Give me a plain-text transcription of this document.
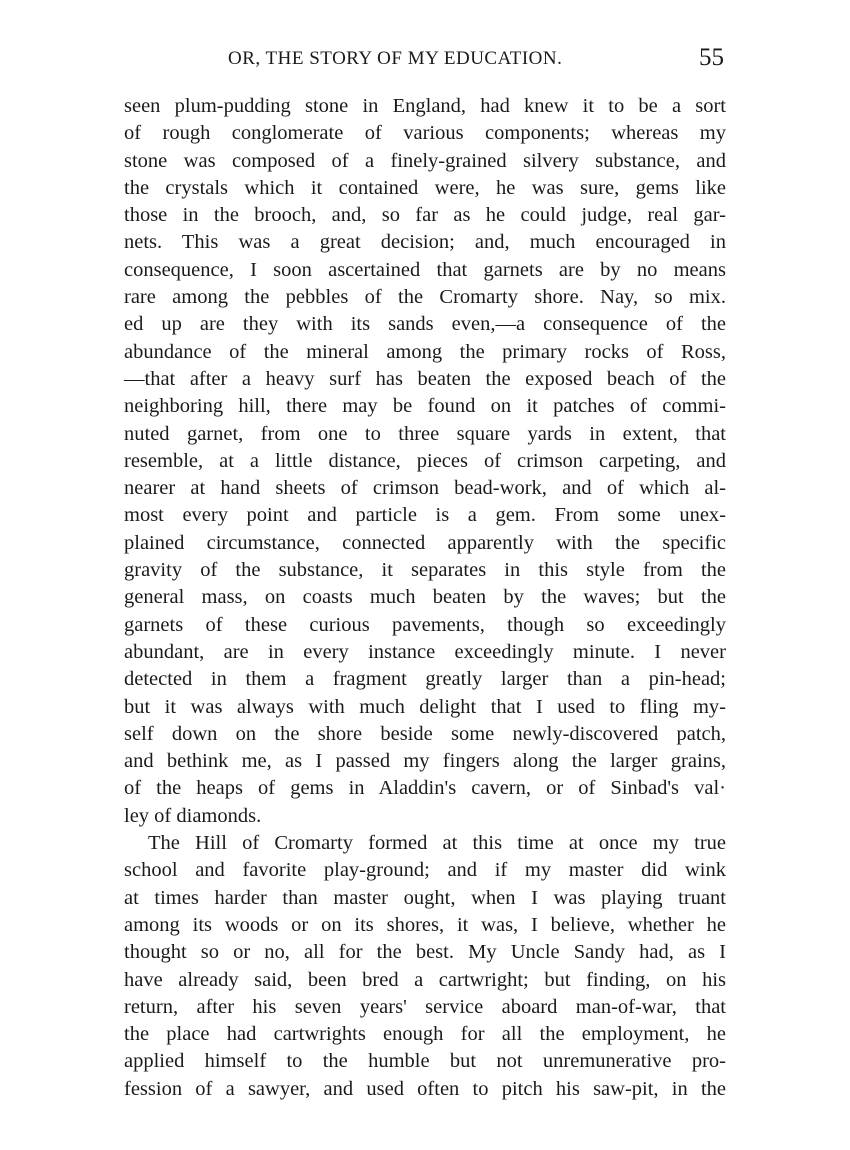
OR, THE STORY OF MY EDUCATION.	55
seen plum-pudding stone in England, had knew it to be a sort
of rough conglomerate of various components; whereas my
stone was composed of a finely-grained silvery substance, and
the crystals which it contained were, he was sure, gems like
those in the brooch, and, so far as he could judge, real gar-
nets. This was a great decision; and, much encouraged in
consequence, I soon ascertained that garnets are by no means
rare among the pebbles of the Cromarty shore. Nay, so mix.
ed up are they with its sands even,—a consequence of the
abundance of the mineral among the primary rocks of Ross,
—that after a heavy surf has beaten the exposed beach of the
neighboring hill, there may be found on it patches of commi-
nuted garnet, from one to three square yards in extent, that
resemble, at a little distance, pieces of crimson carpeting, and
nearer at hand sheets of crimson bead-work, and of which al-
most every point and particle is a gem. From some unex-
plained circumstance, connected apparently with the specific
gravity of the substance, it separates in this style from the
general mass, on coasts much beaten by the waves; but the
garnets of these curious pavements, though so exceedingly
abundant, are in every instance exceedingly minute. I never
detected in them a fragment greatly larger than a pin-head;
but it was always with much delight that I used to fling my-
self down on the shore beside some newly-discovered patch,
and bethink me, as I passed my fingers along the larger grains,
of the heaps of gems in Aladdin's cavern, or of Sinbad's val·
ley of diamonds.
The Hill of Cromarty formed at this time at once my true
school and favorite play-ground; and if my master did wink
at times harder than master ought, when I was playing truant
among its woods or on its shores, it was, I believe, whether he
thought so or no, all for the best. My Uncle Sandy had, as I
have already said, been bred a cartwright; but finding, on his
return, after his seven years' service aboard man-of-war, that
the place had cartwrights enough for all the employment, he
applied himself to the humble but not unremunerative pro-
fession of a sawyer, and used often to pitch his saw-pit, in the
